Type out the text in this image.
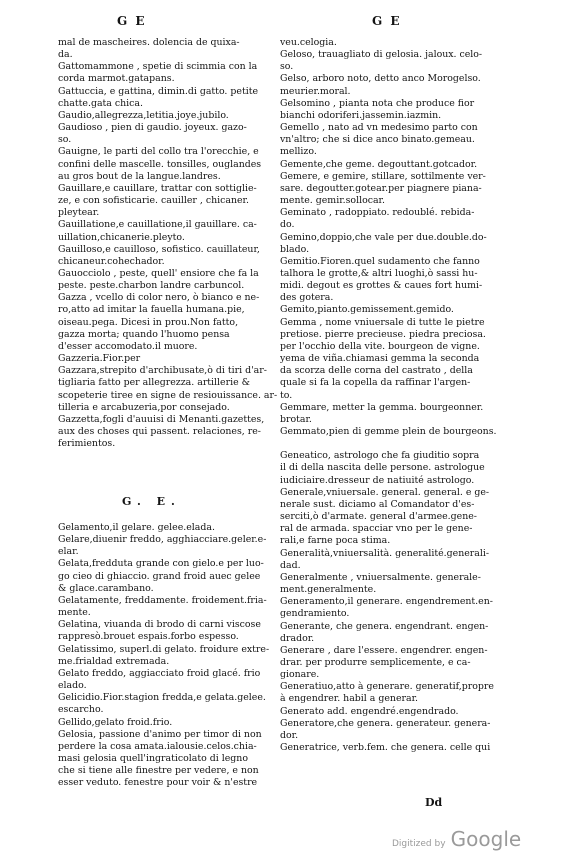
G E	G E
mal de mascheires. dolencia de quixa-
da.
Gattomammone , spetie di scimmia con la
corda marmot.gatapans.
Gattuccia, e gattina, dimin.di gatto. petite
chatte.gata chica.
Gaudio,allegrezza,letitia.joye.jubilo.
Gaudioso , pien di gaudio. joyeux. gazo-
so.
Gauigne, le parti del collo tra l'orecchie, e
confini delle mascelle. tonsilles, ouglandes
au gros bout de la langue.landres.
Gauillare,e cauillare, trattar con sottiglie-
ze, e con sofisticarie. cauiller , chicaner.
pleytear.
Gauillatione,e cauillatione,il gauillare. ca-
uillation,chicanerie.pleyto.
Gauillosо,e cauillosо, sofistico. cauillateur,
chicaneur.cohechador.
Gauocciolo , peste, quell' ensiore che fa la
peste. peste.charbon landre carbuncol.
Gazza , vcello di color nero, ò bianco e ne-
ro,atto ad imitar la fauella humana.pie,
oiseau.pega. Dicesi in prou.Non fatto,
gazza morta; quando l'huomo pensa
d'esser accomodato.il muore.
Gazzeria.Fior.per
Gazzara,strepito d'archibusate,ò di tiri d'ar-
tigliaria fatto per allegrezza. artillerie &
scopeterie tiree en signe de resiouissance. ar-
tilleria e arcabuzeria,por consejado.
Gazzetta,fogli d'auuisi di Menanti.gazettes,
aux des choses qui passent. relaciones, re-
ferimientos.
G. E.
Gelamento,il gelare. gelee.elada.
Gelare,diuenir freddo, agghiacciare.geler.e-
elar.
Gelata,fredduta grande con gielo.e per luo-
go cieo di ghiaccio. grand froid auec gelee
& glace.carambano.
Gelatamente, freddamente. froidement.fria-
mente.
Gelatina, viuanda di brodo di carni viscose
rappresò.brouet espais.forbo espesso.
Gelatissimo, superl.di gelato. froidure extre-
me.frialdad extremada.
Gelato freddo, aggiacciato froid glacé. frio
elado.
Gelicidio.Fior.stagion fredda,e gelata.gelee.
escarcho.
Gellido,gelato froid.frio.
Gelosia, passione d'animo per timor di non
perdere la cosa amata.ialousie.celos.chia-
masi gelosia quell'ingraticolato di legno
che si tiene alle finestre per vedere, e non
esser veduto. fenestre pour voir & n'estre
veu.celogia.
Geloso, trauagliato di gelosia. jaloux. celo-
so.
Gelso, arboro noto, detto anco Morogelso.
meurier.moral.
Gelsomino , pianta nota che produce fior
bianchi odoriferi.jassemin.iazmin.
Gemello , nato ad vn medesimo parto con
vn'altro; che si dice anco binato.gemeau.
mellizo.
Gemente,che geme. degouttant.gotcador.
Gemere, e gemire, stillare, sottilmente ver-
sare. degoutter.gotear.per piagnere piana-
mente. gemir.sollocar.
Geminato , radoppiato. redoublé. rebida-
do.
Gemino,doppio,che vale per due.double.do-
blado.
Gemitio.Fioren.quel sudamento che fanno
talhora le grotte,& altri luoghi,ò sassi hu-
midi. degout es grottes & caues fort humi-
des gotera.
Gemito,pianto.gemissement.gemido.
Gemma , nome vniuersale di tutte le pietre
pretiose. pierre precieuse. piedra preciosa.
per l'occhio della vite. bourgeon de vigne.
yema de viña.chiamasi gemma la seconda
da scorza delle corna del castrato , della
quale si fa la copella da raffinar l'argen-
to.
Gemmare, metter la gemma. bourgeonner.
brotar.
Gemmato,pien di gemme plein de bourgeons.

Geneatico, astrologo che fa giuditio sopra
il di della nascita delle persone. astrologue
iudiciaire.dresseur de natiuité astrologo.
Generale,vniuersale. general. general. e ge-
nerale sust. diciamo al Comandator d'es-
serciti,ò d'armate. general d'armee.gene-
ral de armada. spacciar vno per le gene-
rali,e farne poca stima.
Generalità,vniuersalità. generalité.generali-
dad.
Generalmente , vniuersalmente. generale-
ment.generalmente.
Generamento,il generare. engendrement.en-
gendramiento.
Generante, che genera. engendrant. engen-
drador.
Generare , dare l'essere. engendrer. engen-
drar. per produrre semplicemente, e ca-
gionare.
Generatiuo,atto à generare. generatif,propre
à engendrer. habil a generar.
Generato add. engendré.engendrado.
Generatore,che genera. generateur. genera-
dor.
Generatrice, verb.fem. che genera. celle qui
Dd
Digitized by Google
